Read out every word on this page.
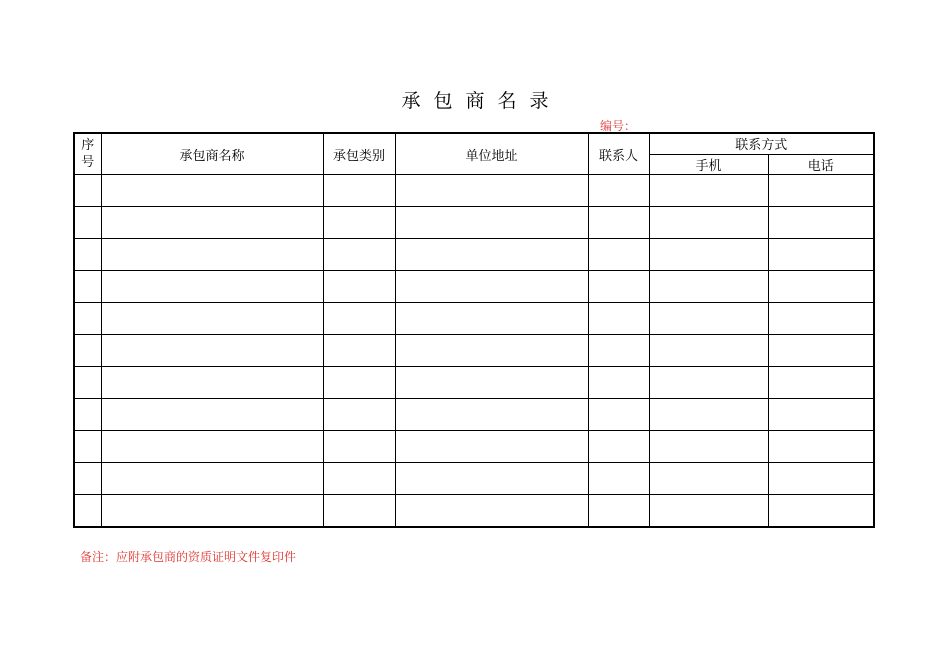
承包商名录
编号：
序
号	承包商名称	承包类别	单位地址	联系人	联系方式	
					手机	电话

备注：应附承包商的资质证明文件复印件
